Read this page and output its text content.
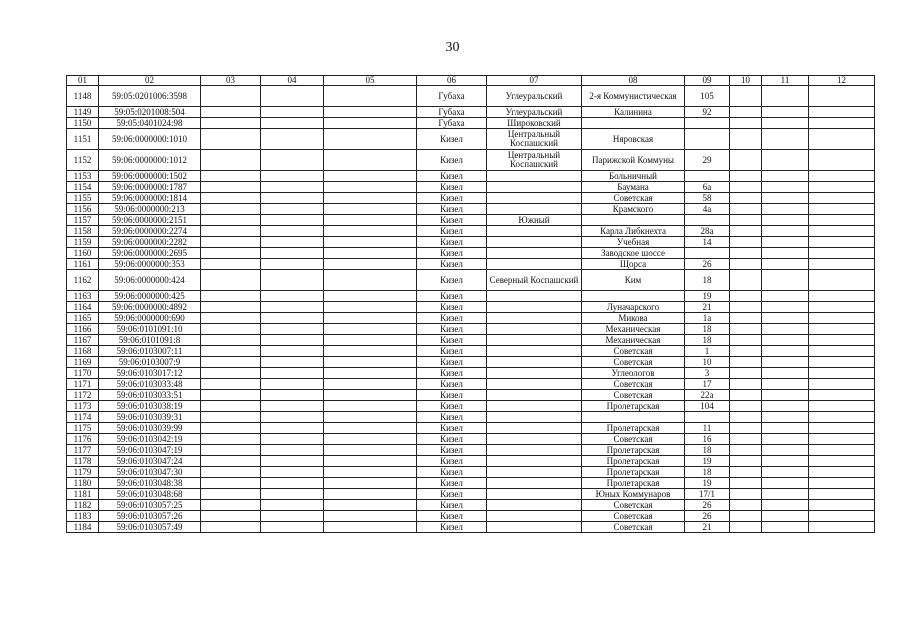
30
01	02	03	04	05	06	07	08	09	10	11	12
1148	59:05:0201006:3598				Губаха	Углеуральский	2-я Коммунистическая	105			
1149	59:05:0201008:504				Губаха	Углеуральский	Калинина	92			
1150	59:05:0401024:98				Губаха	Широковский					
1151	59:06:0000000:1010				Кизел	Центральный Коспашский	Няровская				
1152	59:06:0000000:1012				Кизел	Центральный Коспашский	Парижской Коммуны	29			
1153	59:06:0000000:1502				Кизел		Больничный				
1154	59:06:0000000:1787				Кизел		Баумана	6а			
1155	59:06:0000000:1814				Кизел		Советская	58			
1156	59:06:0000000:213				Кизел		Крамского	4а			
1157	59:06:0000000:2151				Кизел	Южный					
1158	59:06:0000000:2274				Кизел		Карла Либкнехта	28а			
1159	59:06:0000000:2282				Кизел		Учебная	14			
1160	59:06:0000000:2695				Кизел		Заводское шоссе				
1161	59:06:0000000:353				Кизел		Щорса	26			
1162	59:06:0000000:424				Кизел	Северный Коспашский	Ким	18			
1163	59:06:0000000:425				Кизел			19			
1164	59:06:0000000:4892				Кизел		Луначарского	21			
1165	59:06:0000000:690				Кизел		Микова	1а			
1166	59:06:0101091:10				Кизел		Механическая	18			
1167	59:06:0101091:8				Кизел		Механическая	18			
1168	59:06:0103007:11				Кизел		Советская	1			
1169	59:06:0103007:9				Кизел		Советская	10			
1170	59:06:0103017:12				Кизел		Углеологов	3			
1171	59:06:0103033:48				Кизел		Советская	17			
1172	59:06:0103033:51				Кизел		Советская	22а			
1173	59:06:0103038:19				Кизел		Пролетарская	104			
1174	59:06:0103039:31				Кизел						
1175	59:06:0103039:99				Кизел		Пролетарская	11			
1176	59:06:0103042:19				Кизел		Советская	16			
1177	59:06:0103047:19				Кизел		Пролетарская	18			
1178	59:06:0103047:24				Кизел		Пролетарская	19			
1179	59:06:0103047:30				Кизел		Пролетарская	18			
1180	59:06:0103048:38				Кизел		Пролетарская	19			
1181	59:06:0103048:68				Кизел		Юных Коммунаров	17/1			
1182	59:06:0103057:25				Кизел		Советская	26			
1183	59:06:0103057:26				Кизел		Советская	26			
1184	59:06:0103057:49				Кизел		Советская	21			
